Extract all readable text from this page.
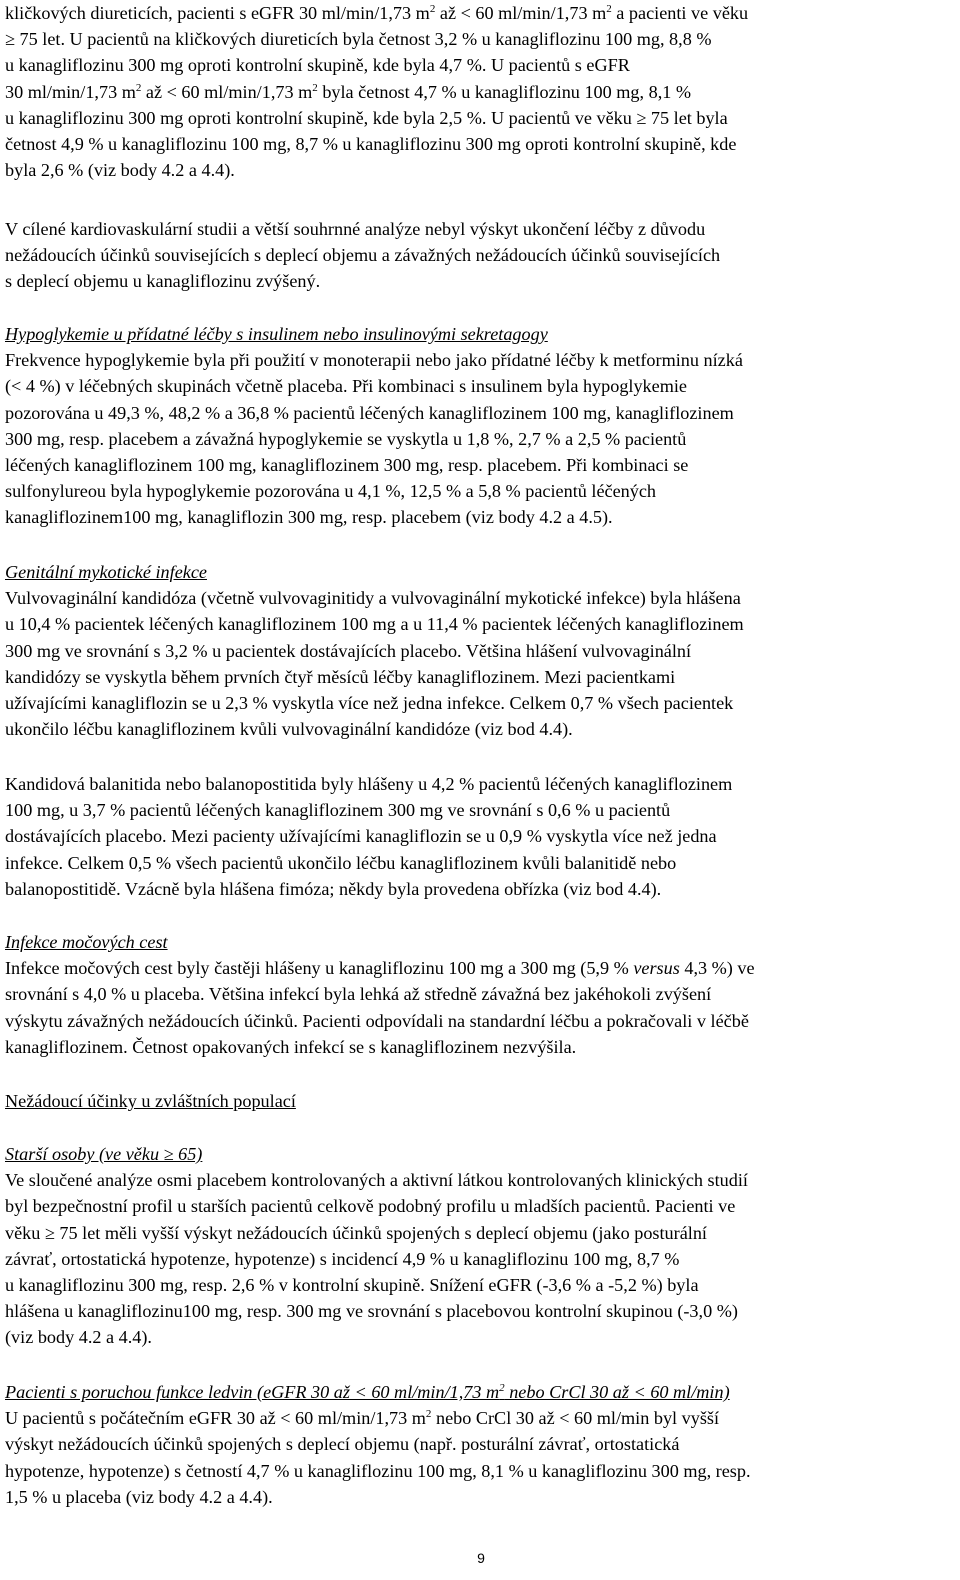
kličkových diureticích, pacienti s eGFR 30 ml/min/1,73 $m^2$ až < 60 ml/min/1,73 $m^2$ a pacienti ve věku
≥ 75 let. U pacientů na kličkových diureticích byla četnost 3,2 % u kanagliflozinu 100 mg, 8,8 %
u kanagliflozinu 300 mg oproti kontrolní skupině, kde byla 4,7 %. U pacientů s eGFR
30 ml/min/1,73 $m^2$ až < 60 ml/min/1,73 $m^2$ byla četnost 4,7 % u kanagliflozinu 100 mg, 8,1 %
u kanagliflozinu 300 mg oproti kontrolní skupině, kde byla 2,5 %. U pacientů ve věku ≥ 75 let byla
četnost 4,9 % u kanagliflozinu 100 mg, 8,7 % u kanagliflozinu 300 mg oproti kontrolní skupině, kde
byla 2,6 % (viz body 4.2 a 4.4).
V cílené kardiovaskulární studii a větší souhrnné analýze nebyl výskyt ukončení léčby z důvodu
nežádoucích účinků souvisejících s deplecí objemu a závažných nežádoucích účinků souvisejících
s deplecí objemu u kanagliflozinu zvýšený.
Hypoglykemie u přídatné léčby s insulinem nebo insulinovými sekretagogy
Frekvence hypoglykemie byla při použití v monoterapii nebo jako přídatné léčby k metforminu nízká
(< 4 %) v léčebných skupinách včetně placeba. Při kombinaci s insulinem byla hypoglykemie
pozorována u 49,3 %, 48,2 % a 36,8 % pacientů léčených kanagliflozinem 100 mg, kanagliflozinem
300 mg, resp. placebem a závažná hypoglykemie se vyskytla u 1,8 %, 2,7 % a 2,5 % pacientů
léčených kanagliflozinem 100 mg, kanagliflozinem 300 mg, resp. placebem. Při kombinaci se
sulfonylureou byla hypoglykemie pozorována u 4,1 %, 12,5 % a 5,8 % pacientů léčených
kanagliflozinem100 mg, kanagliflozin 300 mg, resp. placebem (viz body 4.2 a 4.5).
Genitální mykotické infekce
Vulvovaginální kandidóza (včetně vulvovaginitidy a vulvovaginální mykotické infekce) byla hlášena
u 10,4 % pacientek léčených kanagliflozinem 100 mg a u 11,4 % pacientek léčených kanagliflozinem
300 mg ve srovnání s 3,2 % u pacientek dostávajících placebo. Většina hlášení vulvovaginální
kandidózy se vyskytla během prvních čtyř měsíců léčby kanagliflozinem. Mezi pacientkami
užívajícími kanagliflozin se u 2,3 % vyskytla více než jedna infekce. Celkem 0,7 % všech pacientek
ukončilo léčbu kanagliflozinem kvůli vulvovaginální kandidóze (viz bod 4.4).
Kandidová balanitida nebo balanopostitida byly hlášeny u 4,2 % pacientů léčených kanagliflozinem
100 mg, u 3,7 % pacientů léčených kanagliflozinem 300 mg ve srovnání s 0,6 % u pacientů
dostávajících placebo. Mezi pacienty užívajícími kanagliflozin se u 0,9 % vyskytla více než jedna
infekce. Celkem 0,5 % všech pacientů ukončilo léčbu kanagliflozinem kvůli balanitidě nebo
balanopostitidě. Vzácně byla hlášena fimóza; někdy byla provedena obřízka (viz bod 4.4).
Infekce močových cest
Infekce močových cest byly častěji hlášeny u kanagliflozinu 100 mg a 300 mg (5,9 % versus 4,3 %) ve
srovnání s 4,0 % u placeba. Většina infekcí byla lehká až středně závažná bez jakéhokoli zvýšení
výskytu závažných nežádoucích účinků. Pacienti odpovídali na standardní léčbu a pokračovali v léčbě
kanagliflozinem. Četnost opakovaných infekcí se s kanagliflozinem nezvýšila.
Nežádoucí účinky u zvláštních populací
Starší osoby (ve věku ≥ 65)
Ve sloučené analýze osmi placebem kontrolovaných a aktivní látkou kontrolovaných klinických studií
byl bezpečnostní profil u starších pacientů celkově podobný profilu u mladších pacientů. Pacienti ve
věku ≥ 75 let měli vyšší výskyt nežádoucích účinků spojených s deplecí objemu (jako posturální
závrať, ortostatická hypotenze, hypotenze) s incidencí 4,9 % u kanagliflozinu 100 mg, 8,7 %
u kanagliflozinu 300 mg, resp. 2,6 % v kontrolní skupině. Snížení eGFR (-3,6 % a -5,2 %) byla
hlášena u kanagliflozinu100 mg, resp. 300 mg ve srovnání s placebovou kontrolní skupinou (-3,0 %)
(viz body 4.2 a 4.4).
Pacienti s poruchou funkce ledvin (eGFR 30 až < 60 ml/min/1,73 $m^2$ nebo CrCl 30 až < 60 ml/min)
U pacientů s počátečním eGFR 30 až < 60 ml/min/1,73 $m^2$ nebo CrCl 30 až < 60 ml/min byl vyšší
výskyt nežádoucích účinků spojených s deplecí objemu (např. posturální závrať, ortostatická
hypotenze, hypotenze) s četností 4,7 % u kanagliflozinu 100 mg, 8,1 % u kanagliflozinu 300 mg, resp.
1,5 % u placeba (viz body 4.2 a 4.4).
9
